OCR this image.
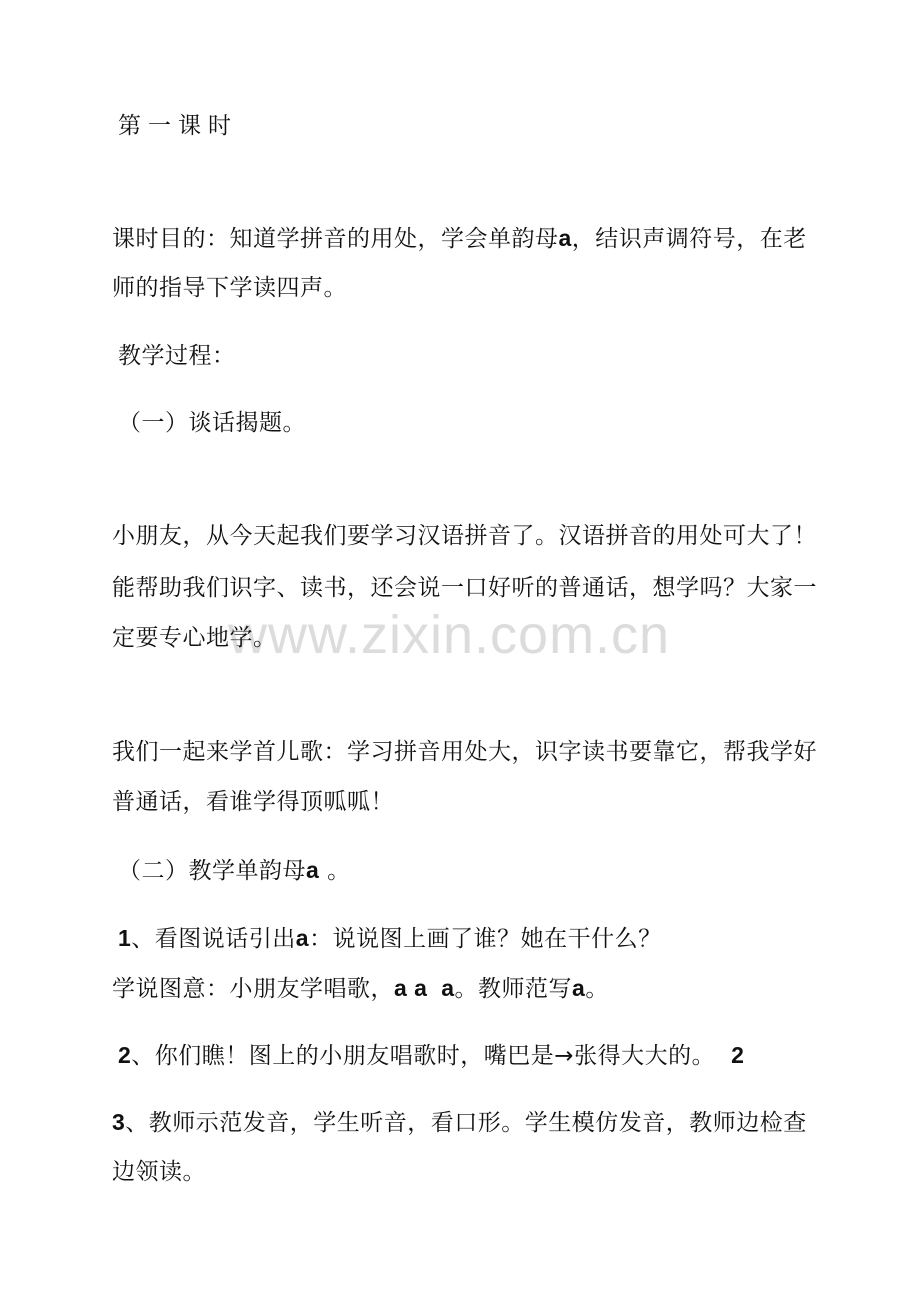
www.zixin.com.cn
第一课时
课时目的：知道学拼音的用处，学会单韵母a，结识声调符号，在老
师的指导下学读四声。
教学过程：
（一）谈话揭题。
小朋友，从今天起我们要学习汉语拼音了。汉语拼音的用处可大了！
能帮助我们识字、读书，还会说一口好听的普通话，想学吗？大家一
定要专心地学。
我们一起来学首儿歌：学习拼音用处大，识字读书要靠它，帮我学好
普通话，看谁学得顶呱呱！
（二）教学单韵母a 。
1、看图说话引出a：说说图上画了谁？她在干什么？
学说图意：小朋友学唱歌，a a  a。教师范写a。
2、你们瞧！图上的小朋友唱歌时，嘴巴是→张得大大的。 2
3、教师示范发音，学生听音，看口形。学生模仿发音，教师边检查
边领读。
